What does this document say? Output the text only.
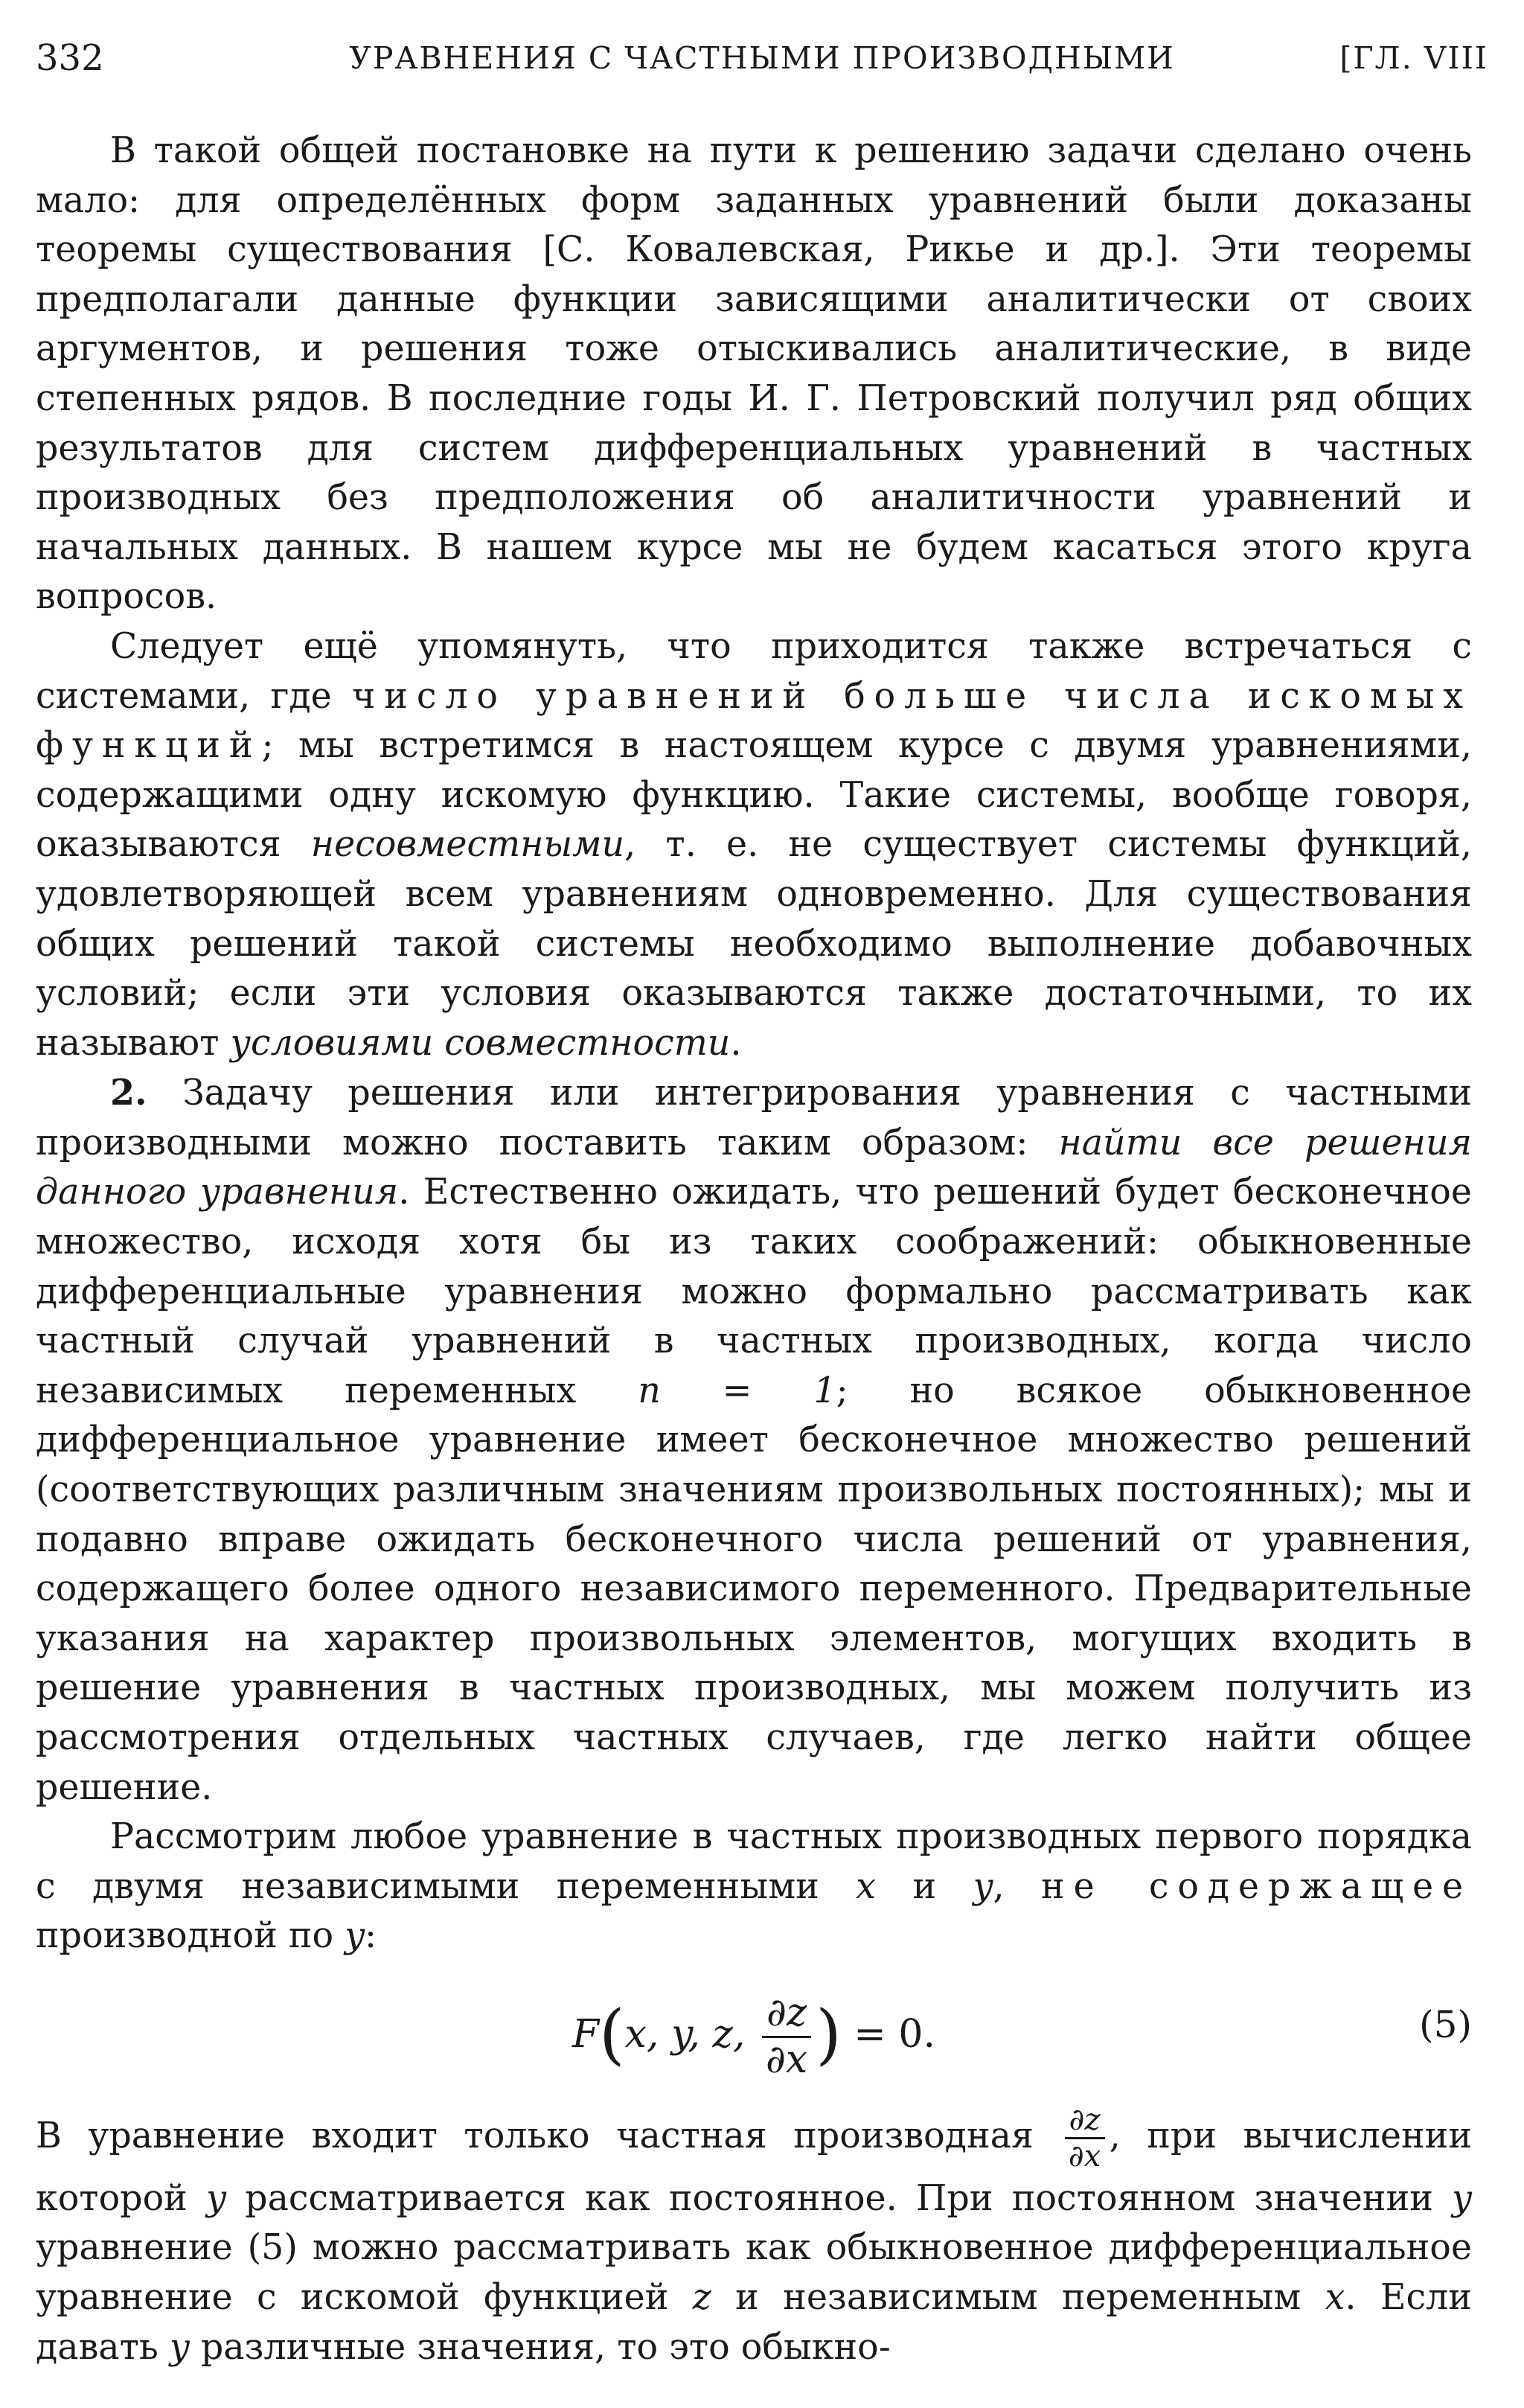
332	УРАВНЕНИЯ С ЧАСТНЫМИ ПРОИЗВОДНЫМИ	[ГЛ. VIII

В такой общей постановке на пути к решению задачи сделано очень мало: для определённых форм заданных уравнений были доказаны теоремы существования [С. Ковалевская, Рикье и др.]. Эти теоремы предполагали данные функции зависящими аналитически от своих аргументов, и решения тоже отыскивались аналитические, в виде степенных рядов. В последние годы И. Г. Петровский получил ряд общих результатов для систем дифференциальных уравнений в частных производных без предположения об аналитичности уравнений и начальных данных. В нашем курсе мы не будем касаться этого круга вопросов.

Следует ещё упомянуть, что приходится также встречаться с системами, где число уравнений больше числа искомых функций; мы встретимся в настоящем курсе с двумя уравнениями, содержащими одну искомую функцию. Такие системы, вообще говоря, оказываются несовместными, т. е. не существует системы функций, удовлетворяющей всем уравнениям одновременно. Для существования общих решений такой системы необходимо выполнение добавочных условий; если эти условия оказываются также достаточными, то их называют условиями совместности.

2. Задачу решения или интегрирования уравнения с частными производными можно поставить таким образом: найти все решения данного уравнения. Естественно ожидать, что решений будет бесконечное множество, исходя хотя бы из таких соображений: обыкновенные дифференциальные уравнения можно формально рассматривать как частный случай уравнений в частных производных, когда число независимых переменных n = 1; но всякое обыкновенное дифференциальное уравнение имеет бесконечное множество решений (соответствующих различным значениям произвольных постоянных); мы и подавно вправе ожидать бесконечного числа решений от уравнения, содержащего более одного независимого переменного. Предварительные указания на характер произвольных элементов, могущих входить в решение уравнения в частных производных, мы можем получить из рассмотрения отдельных частных случаев, где легко найти общее решение.

Рассмотрим любое уравнение в частных производных первого порядка с двумя независимыми переменными x и y, не содержащее производной по y:

F(x, y, z, $\frac{\partial z}{\partial x}$ ) = 0.	(5)

В уравнение входит только частная производная $\frac{\partial z}{\partial x}$ , при вычислении которой y рассматривается как постоянное. При постоянном значении y уравнение (5) можно рассматривать как обыкновенное дифференциальное уравнение с искомой функцией z и независимым переменным x. Если давать y различные значения, то это обыкно-
